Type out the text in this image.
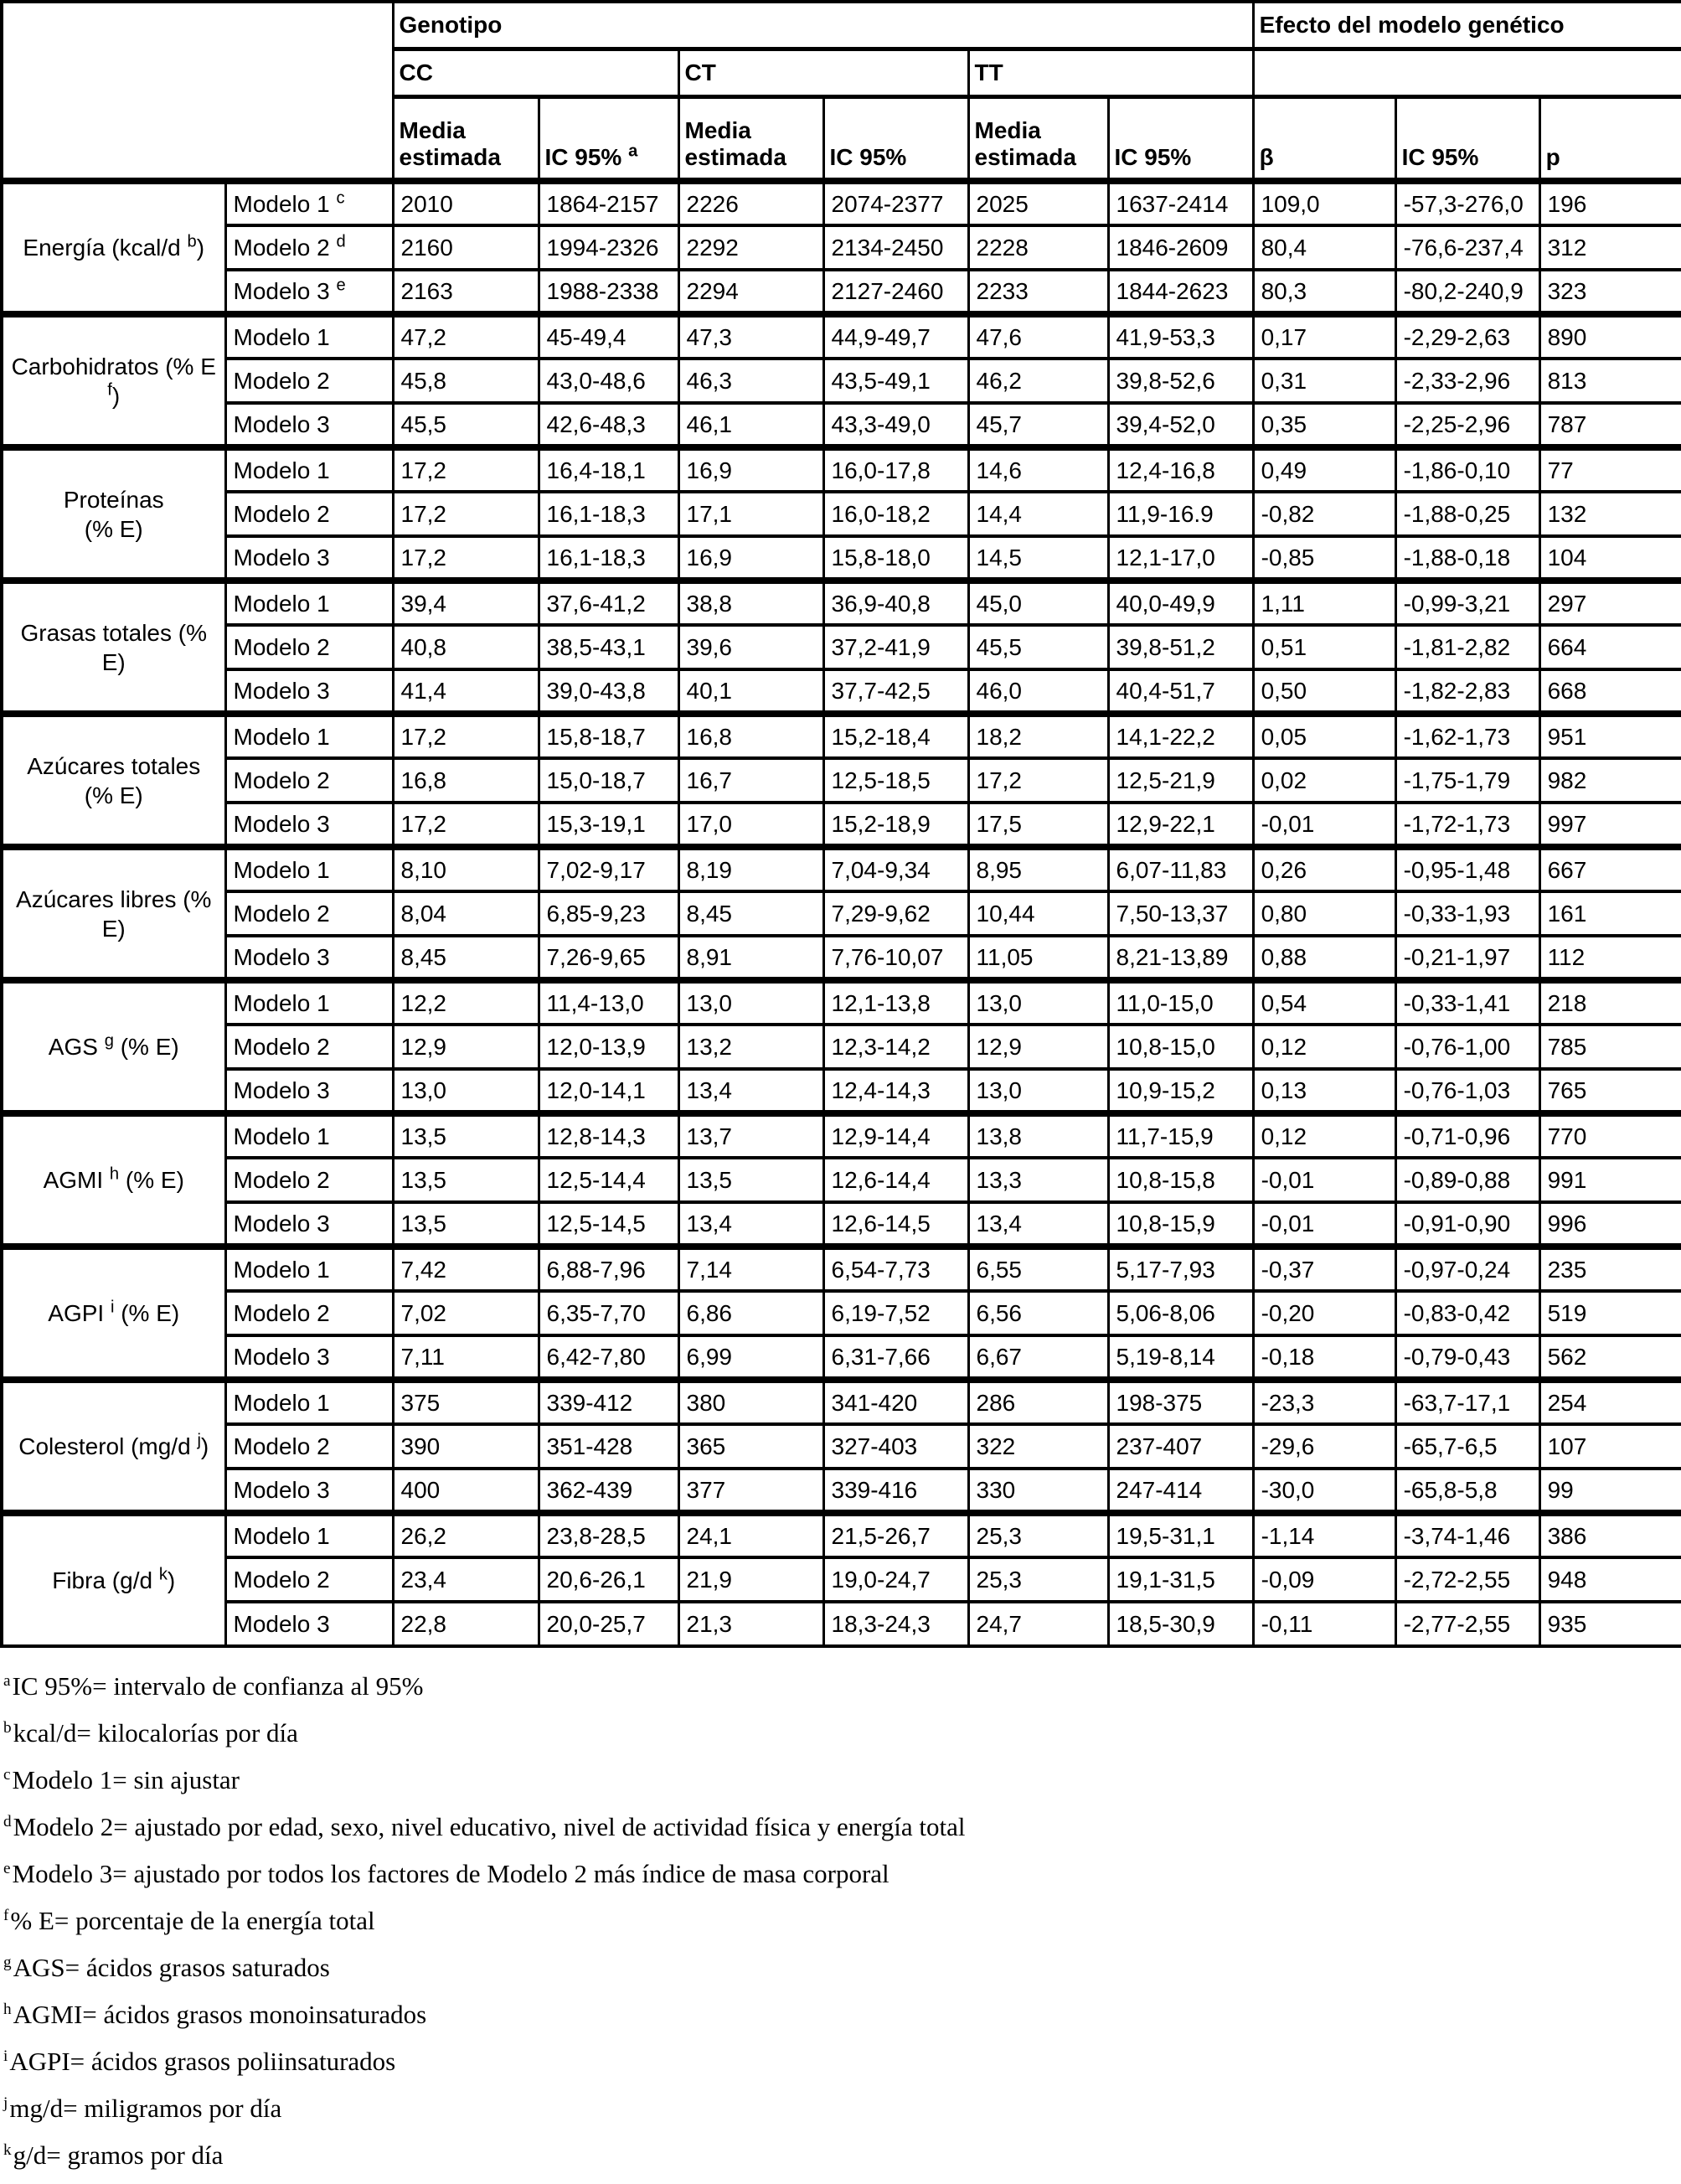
		Genotipo						Efecto del modelo genético		
		CC		CT		TT				
		Media estimada	IC 95% $^a$	Media estimada	IC 95%	Media estimada	IC 95%	β	IC 95%	p
Energía (kcal/d $^b$)	Modelo 1 $^c$	2010	1864-2157	2226	2074-2377	2025	1637-2414	109,0	-57,3-276,0	196
	Modelo 2 $^d$	2160	1994-2326	2292	2134-2450	2228	1846-2609	80,4	-76,6-237,4	312
	Modelo 3 $^e$	2163	1988-2338	2294	2127-2460	2233	1844-2623	80,3	-80,2-240,9	323
Carbohidratos (% E $^f$)	Modelo 1	47,2	45-49,4	47,3	44,9-49,7	47,6	41,9-53,3	0,17	-2,29-2,63	890
	Modelo 2	45,8	43,0-48,6	46,3	43,5-49,1	46,2	39,8-52,6	0,31	-2,33-2,96	813
	Modelo 3	45,5	42,6-48,3	46,1	43,3-49,0	45,7	39,4-52,0	0,35	-2,25-2,96	787
Proteínas
(% E)	Modelo 1	17,2	16,4-18,1	16,9	16,0-17,8	14,6	12,4-16,8	0,49	-1,86-0,10	77
	Modelo 2	17,2	16,1-18,3	17,1	16,0-18,2	14,4	11,9-16.9	-0,82	-1,88-0,25	132
	Modelo 3	17,2	16,1-18,3	16,9	15,8-18,0	14,5	12,1-17,0	-0,85	-1,88-0,18	104
Grasas totales (% E)	Modelo 1	39,4	37,6-41,2	38,8	36,9-40,8	45,0	40,0-49,9	1,11	-0,99-3,21	297
	Modelo 2	40,8	38,5-43,1	39,6	37,2-41,9	45,5	39,8-51,2	0,51	-1,81-2,82	664
	Modelo 3	41,4	39,0-43,8	40,1	37,7-42,5	46,0	40,4-51,7	0,50	-1,82-2,83	668
Azúcares totales
(% E)	Modelo 1	17,2	15,8-18,7	16,8	15,2-18,4	18,2	14,1-22,2	0,05	-1,62-1,73	951
	Modelo 2	16,8	15,0-18,7	16,7	12,5-18,5	17,2	12,5-21,9	0,02	-1,75-1,79	982
	Modelo 3	17,2	15,3-19,1	17,0	15,2-18,9	17,5	12,9-22,1	-0,01	-1,72-1,73	997
Azúcares libres (% E)	Modelo 1	8,10	7,02-9,17	8,19	7,04-9,34	8,95	6,07-11,83	0,26	-0,95-1,48	667
	Modelo 2	8,04	6,85-9,23	8,45	7,29-9,62	10,44	7,50-13,37	0,80	-0,33-1,93	161
	Modelo 3	8,45	7,26-9,65	8,91	7,76-10,07	11,05	8,21-13,89	0,88	-0,21-1,97	112
AGS $^g$ (% E)	Modelo 1	12,2	11,4-13,0	13,0	12,1-13,8	13,0	11,0-15,0	0,54	-0,33-1,41	218
	Modelo 2	12,9	12,0-13,9	13,2	12,3-14,2	12,9	10,8-15,0	0,12	-0,76-1,00	785
	Modelo 3	13,0	12,0-14,1	13,4	12,4-14,3	13,0	10,9-15,2	0,13	-0,76-1,03	765
AGMI $^h$ (% E)	Modelo 1	13,5	12,8-14,3	13,7	12,9-14,4	13,8	11,7-15,9	0,12	-0,71-0,96	770
	Modelo 2	13,5	12,5-14,4	13,5	12,6-14,4	13,3	10,8-15,8	-0,01	-0,89-0,88	991
	Modelo 3	13,5	12,5-14,5	13,4	12,6-14,5	13,4	10,8-15,9	-0,01	-0,91-0,90	996
AGPI $^i$ (% E)	Modelo 1	7,42	6,88-7,96	7,14	6,54-7,73	6,55	5,17-7,93	-0,37	-0,97-0,24	235
	Modelo 2	7,02	6,35-7,70	6,86	6,19-7,52	6,56	5,06-8,06	-0,20	-0,83-0,42	519
	Modelo 3	7,11	6,42-7,80	6,99	6,31-7,66	6,67	5,19-8,14	-0,18	-0,79-0,43	562
Colesterol (mg/d $^j$)	Modelo 1	375	339-412	380	341-420	286	198-375	-23,3	-63,7-17,1	254
	Modelo 2	390	351-428	365	327-403	322	237-407	-29,6	-65,7-6,5	107
	Modelo 3	400	362-439	377	339-416	330	247-414	-30,0	-65,8-5,8	99
Fibra (g/d $^k$)	Modelo 1	26,2	23,8-28,5	24,1	21,5-26,7	25,3	19,5-31,1	-1,14	-3,74-1,46	386
	Modelo 2	23,4	20,6-26,1	21,9	19,0-24,7	25,3	19,1-31,5	-0,09	-2,72-2,55	948
	Modelo 3	22,8	20,0-25,7	21,3	18,3-24,3	24,7	18,5-30,9	-0,11	-2,77-2,55	935

$^a$IC 95%= intervalo de confianza al 95%

$^b$kcal/d= kilocalorías por día

$^c$Modelo 1= sin ajustar

$^d$Modelo 2= ajustado por edad, sexo, nivel educativo, nivel de actividad física y energía total

$^e$Modelo 3= ajustado por todos los factores de Modelo 2 más índice de masa corporal

$^f$% E= porcentaje de la energía total

$^g$AGS= ácidos grasos saturados

$^h$AGMI= ácidos grasos monoinsaturados

$^i$AGPI= ácidos grasos poliinsaturados

$^j$mg/d= miligramos por día

$^k$g/d= gramos por día
